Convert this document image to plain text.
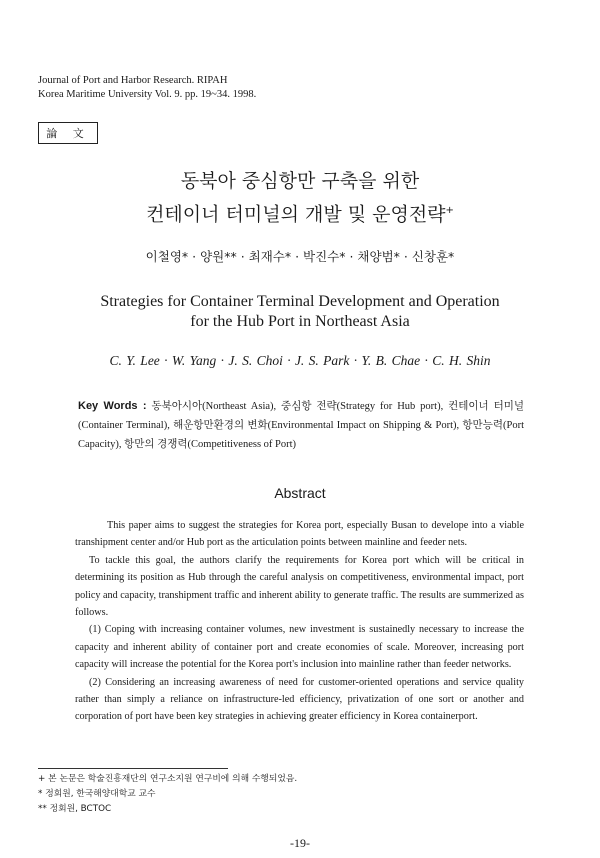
Journal of Port and Harbor Research. RIPAH
Korea Maritime University Vol. 9. pp. 19~34. 1998.
論 文
동북아 중심항만 구축을 위한
컨테이너 터미널의 개발 및 운영전략+
이철영* · 양원** · 최재수* · 박진수* · 채양범* · 신창훈*
Strategies for Container Terminal Development and Operation
for the Hub Port in Northeast Asia
C. Y. Lee · W. Yang · J. S. Choi · J. S. Park · Y. B. Chae · C. H. Shin
Key Words : 동북아시아(Northeast Asia), 중심항 전략(Strategy for Hub port), 컨테이너 터미널(Container Terminal), 해운항만환경의 변화(Environmental Impact on Shipping & Port), 항만능력(Port Capacity), 항만의 경쟁력(Competitiveness of Port)
Abstract

This paper aims to suggest the strategies for Korea port, especially Busan to develope into a viable transhipment center and/or Hub port as the articulation points between mainline and feeder nets.

To tackle this goal, the authors clarify the requirements for Korea port which will be critical in determining its position as Hub through the careful analysis on competitiveness, environmental impact, port policy and capacity, transhipment traffic and inherent ability to generate traffic. The results are summerized as follows.

(1) Coping with increasing container volumes, new investment is sustainedly necessary to increase the capacity and inherent ability of container port and create economies of scale. Moreover, increasing port capacity will increase the potential for the Korea port's inclusion into mainline rather than feeder networks.

(2) Considering an increasing awareness of need for customer-oriented operations and service quality rather than simply a reliance on infrastructure-led efficiency, privatization of one sort or another and corporation of port have been key strategies in achieving greater efficiency in Korea containerport.

+ 본 논문은 학술진흥재단의 연구소지원 연구비에 의해 수행되었음.
* 정회원, 한국해양대학교 교수
** 정회원, BCTOC
-19-
